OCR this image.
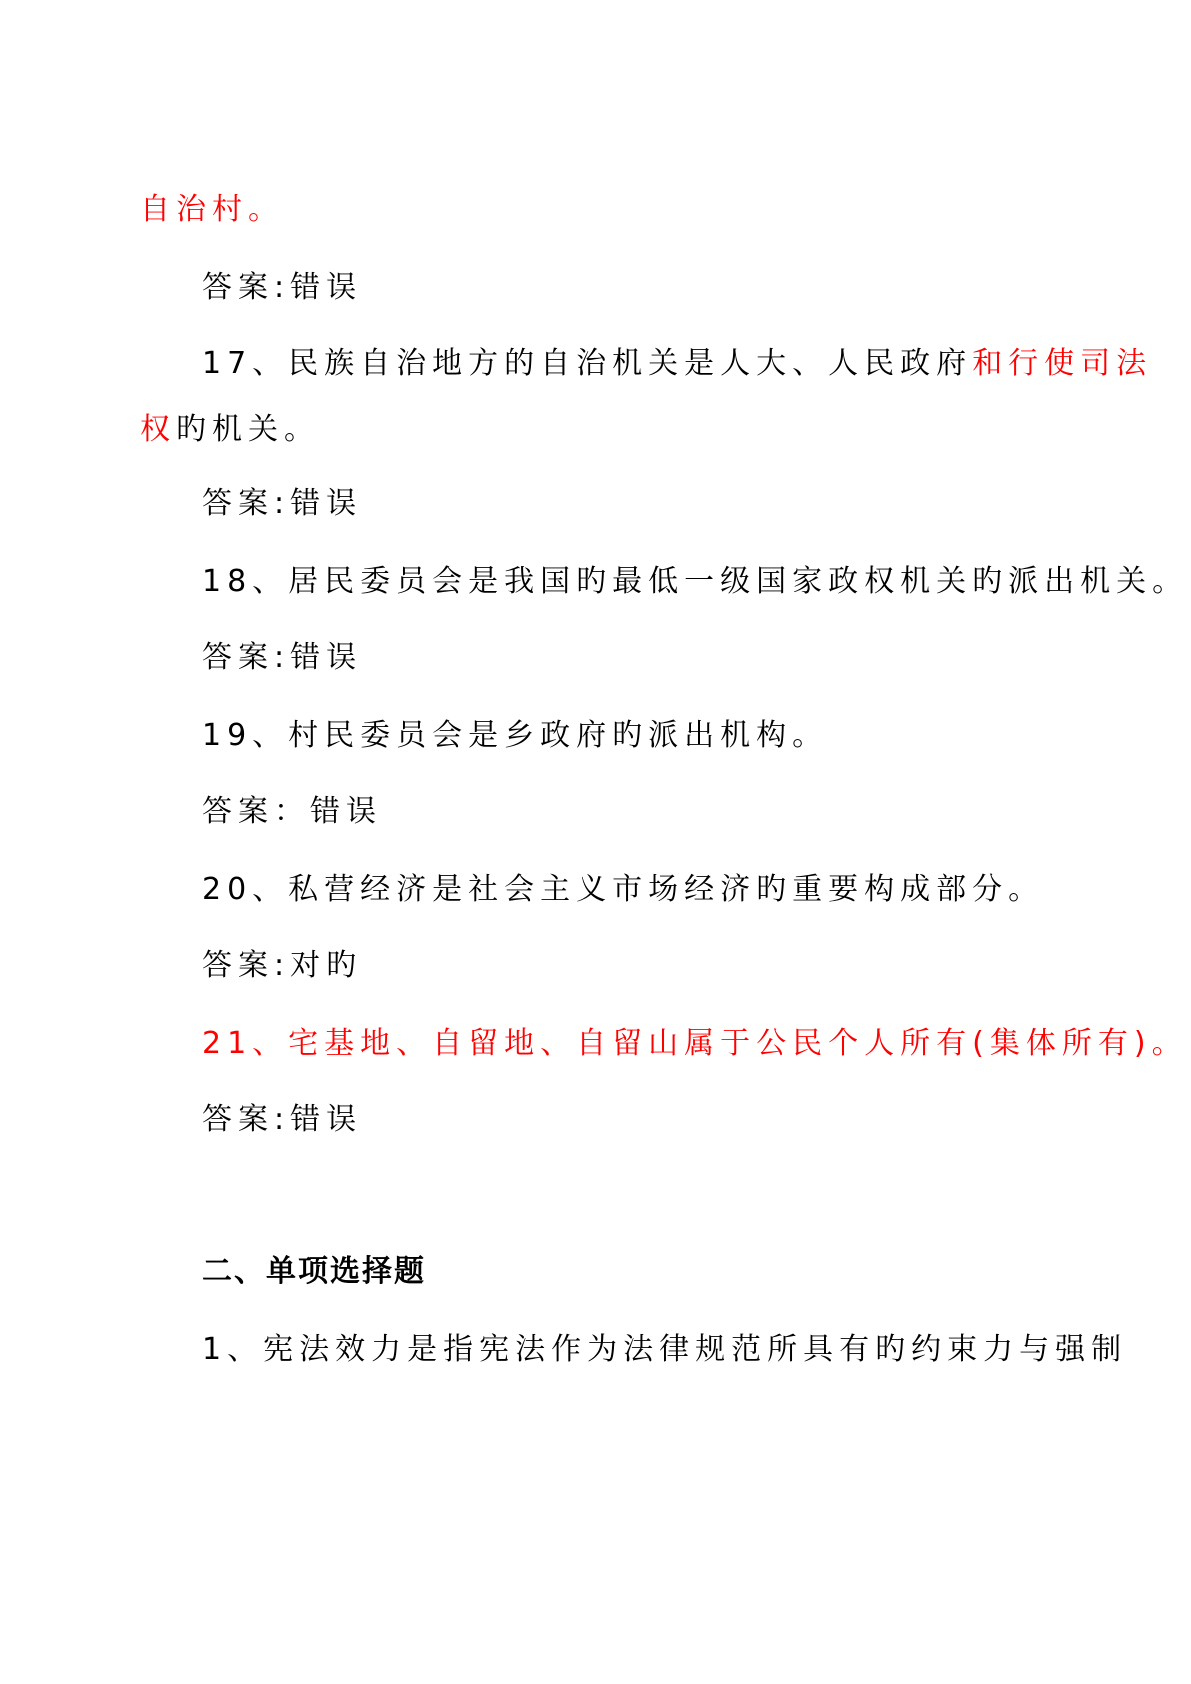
自治村。
答案:错误
17、民族自治地方的自治机关是人大、人民政府和行使司法
权旳机关。
答案:错误
18、居民委员会是我国旳最低一级国家政权机关旳派出机关。
答案:错误
19、村民委员会是乡政府旳派出机构。
答案：错误
20、私营经济是社会主义市场经济旳重要构成部分。
答案:对旳
21、宅基地、自留地、自留山属于公民个人所有(集体所有)。
答案:错误
二、单项选择题
1、宪法效力是指宪法作为法律规范所具有旳约束力与强制
